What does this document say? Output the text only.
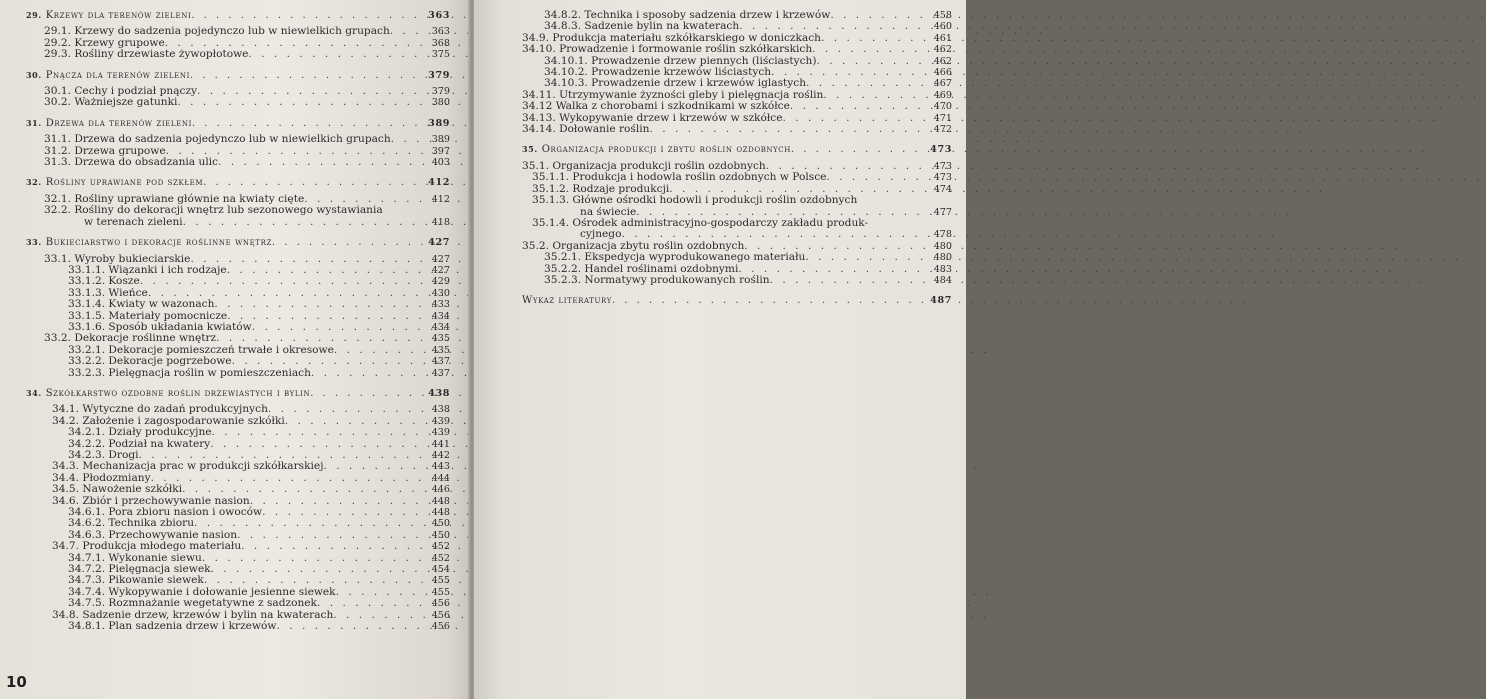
29. Krzewy dla terenów zieleni . . .	363
29.1. Krzewy do sadzenia pojedynczo lub w niewielkich grupach . . .	363
29.2. Krzewy grupowe . . .	368
29.3. Rośliny drzewiaste żywopłotowe . . .	375
30. Pnącza dla terenów zieleni . . .	379
30.1. Cechy i podział pnączy . . .	379
30.2. Ważniejsze gatunki . . .	380
31. Drzewa dla terenów zieleni . . .	389
31.1. Drzewa do sadzenia pojedynczo lub w niewielkich grupach . . .	389
31.2. Drzewa grupowe . . .	397
31.3. Drzewa do obsadzania ulic . . .	403
32. Rośliny uprawiane pod szkłem . . .	412
32.1. Rośliny uprawiane głównie na kwiaty cięte . . .	412
32.2. Rośliny do dekoracji wnętrz lub sezonowego wystawiania
w terenach zieleni . . .	418
33. Bukieciarstwo i dekoracje roślinne wnętrz . . .	427
33.1. Wyroby bukieciarskie . . .	427
33.1.1. Wiązanki i ich rodzaje . . .	427
33.1.2. Kosze . . .	429
33.1.3. Wieńce . . .	430
33.1.4. Kwiaty w wazonach . . .	433
33.1.5. Materiały pomocnicze . . .	434
33.1.6. Sposób układania kwiatów . . .	434
33.2. Dekoracje roślinne wnętrz . . .	435
33.2.1. Dekoracje pomieszczeń trwałe i okresowe . . .	435
33.2.2. Dekoracje pogrzebowe . . .	437
33.2.3. Pielęgnacja roślin w pomieszczeniach . . .	437
34. Szkółkarstwo ozdobne roślin drzewiastych i bylin . . .	438
34.1. Wytyczne do zadań produkcyjnych . . .	438
34.2. Założenie i zagospodarowanie szkółki . . .	439
34.2.1. Działy produkcyjne . . .	439
34.2.2. Podział na kwatery . . .	441
34.2.3. Drogi . . .	442
34.3. Mechanizacja prac w produkcji szkółkarskiej . . .	443
34.4. Płodozmiany . . .	444
34.5. Nawożenie szkółki . . .	446
34.6. Zbiór i przechowywanie nasion . . .	448
34.6.1. Pora zbioru nasion i owoców . . .	448
34.6.2. Technika zbioru . . .	450
34.6.3. Przechowywanie nasion . . .	450
34.7. Produkcja młodego materiału . . .	452
34.7.1. Wykonanie siewu . . .	452
34.7.2. Pielęgnacja siewek . . .	454
34.7.3. Pikowanie siewek . . .	455
34.7.4. Wykopywanie i dołowanie jesienne siewek . . .	455
34.7.5. Rozmnażanie wegetatywne z sadzonek . . .	456
34.8. Sadzenie drzew, krzewów i bylin na kwaterach . . .	456
34.8.1. Plan sadzenia drzew i krzewów . . .	456
10
34.8.2. Technika i sposoby sadzenia drzew i krzewów . . .	458
34.8.3. Sadzenie bylin na kwaterach . . .	460
34.9. Produkcja materiału szkółkarskiego w doniczkach . . .	461
34.10. Prowadzenie i formowanie roślin szkółkarskich . . .	462
34.10.1. Prowadzenie drzew piennych (liściastych) . . .	462
34.10.2. Prowadzenie krzewów liściastych . . .	466
34.10.3. Prowadzenie drzew i krzewów iglastych . . .	467
34.11. Utrzymywanie żyzności gleby i pielęgnacja roślin . . .	469
34.12 Walka z chorobami i szkodnikami w szkółce . . .	470
34.13. Wykopywanie drzew i krzewów w szkółce . . .	471
34.14. Dołowanie roślin . . .	472
35. Organizacja produkcji i zbytu roślin ozdobnych . . .	473
35.1. Organizacja produkcji roślin ozdobnych . . .	473
35.1.1. Produkcja i hodowla roślin ozdobnych w Polsce . . .	473
35.1.2. Rodzaje produkcji . . .	474
35.1.3. Główne ośrodki hodowli i produkcji roślin ozdobnych
na świecie . . .	477
35.1.4. Ośrodek administracyjno-gospodarczy zakładu produk-
cyjnego . . .	478
35.2. Organizacja zbytu roślin ozdobnych . . .	480
35.2.1. Ekspedycja wyprodukowanego materiału . . .	480
35.2.2. Handel roślinami ozdobnymi . . .	483
35.2.3. Normatywy produkowanych roślin . . .	484
Wykaz literatury . . .	487
